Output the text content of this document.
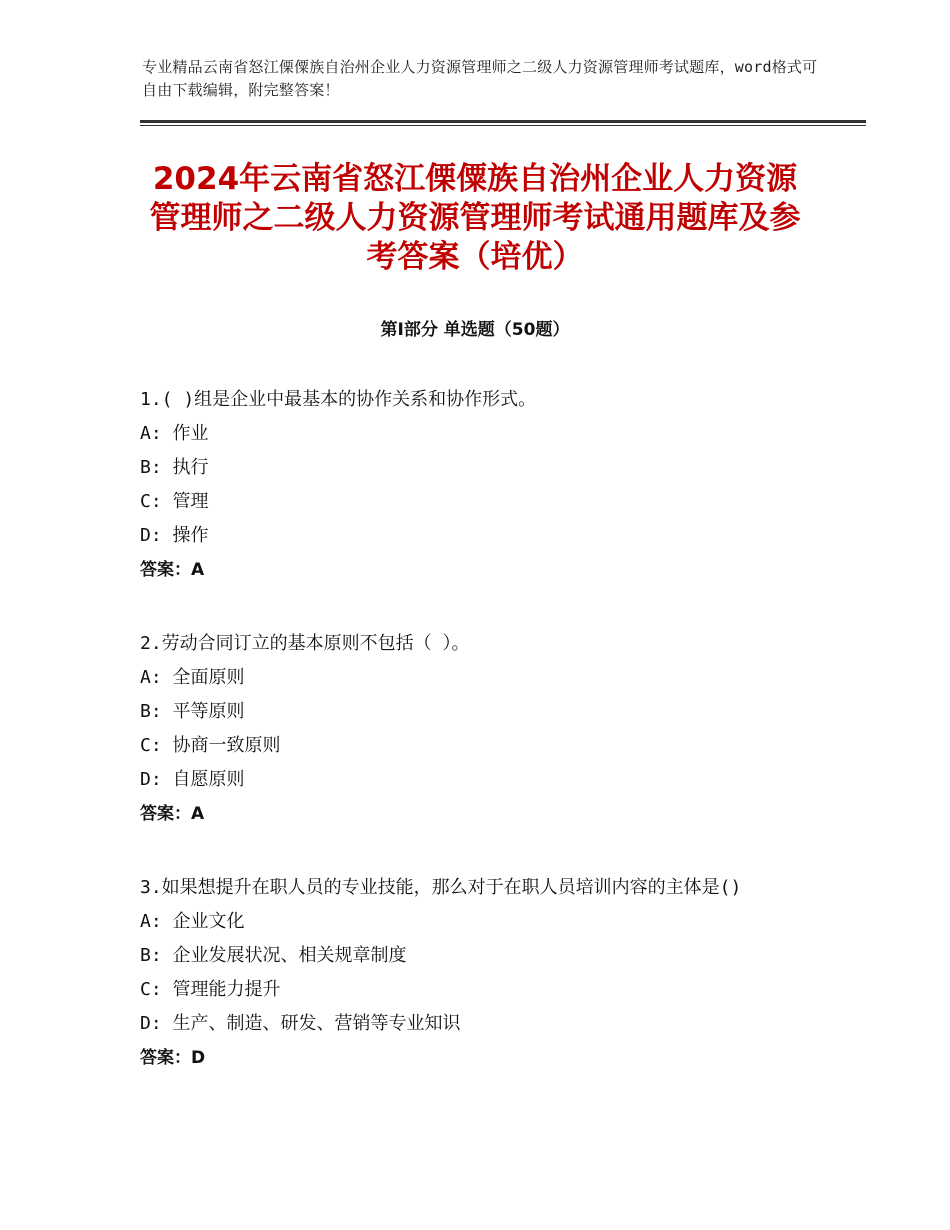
专业精品云南省怒江傈僳族自治州企业人力资源管理师之二级人力资源管理师考试题库，word格式可自由下载编辑，附完整答案！
2024年云南省怒江傈僳族自治州企业人力资源管理师之二级人力资源管理师考试通用题库及参考答案（培优）
第Ⅰ部分 单选题（50题）
1.( )组是企业中最基本的协作关系和协作形式。
A: 作业
B: 执行
C: 管理
D: 操作
答案：A
2.劳动合同订立的基本原则不包括（ ）。
A: 全面原则
B: 平等原则
C: 协商一致原则
D: 自愿原则
答案：A
3.如果想提升在职人员的专业技能，那么对于在职人员培训内容的主体是()
A: 企业文化
B: 企业发展状况、相关规章制度
C: 管理能力提升
D: 生产、制造、研发、营销等专业知识
答案：D
